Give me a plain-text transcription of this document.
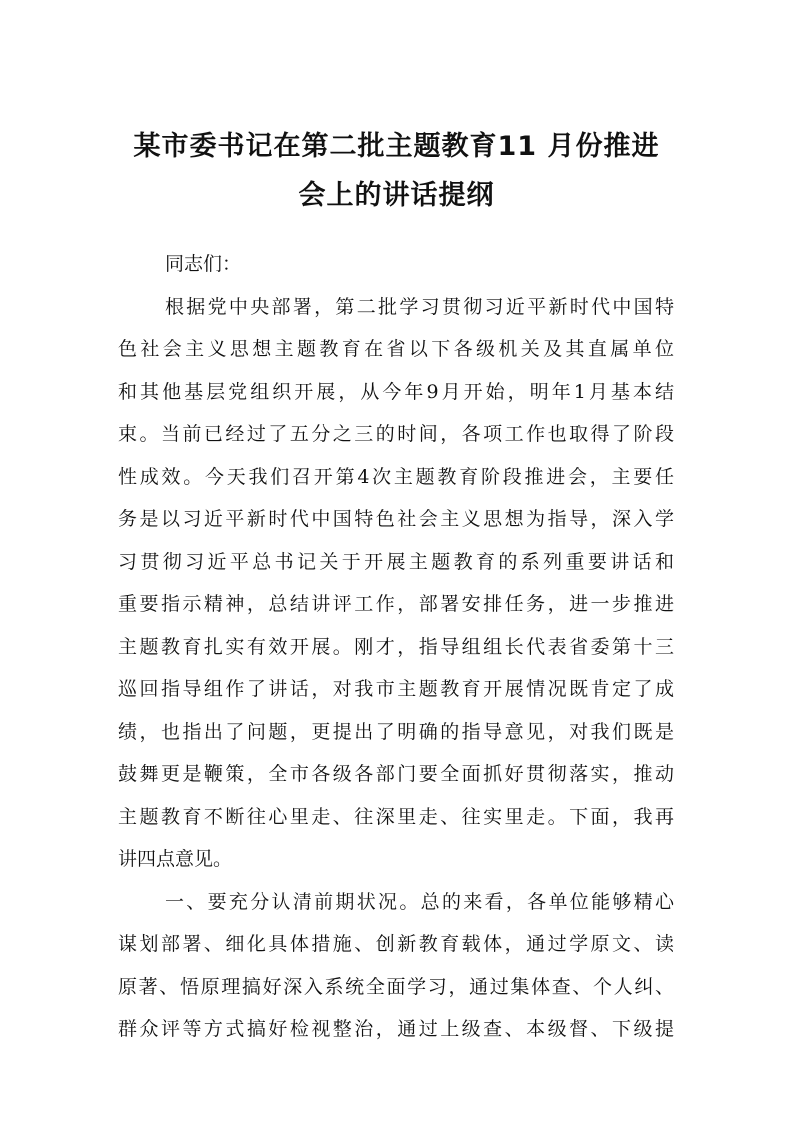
某市委书记在第二批主题教育11 月份推进
会上的讲话提纲
同志们：
根据党中央部署，第二批学习贯彻习近平新时代中国特
色社会主义思想主题教育在省以下各级机关及其直属单位
和其他基层党组织开展，从今年9月开始，明年1月基本结
束。当前已经过了五分之三的时间，各项工作也取得了阶段
性成效。今天我们召开第4次主题教育阶段推进会，主要任
务是以习近平新时代中国特色社会主义思想为指导，深入学
习贯彻习近平总书记关于开展主题教育的系列重要讲话和
重要指示精神，总结讲评工作，部署安排任务，进一步推进
主题教育扎实有效开展。刚才，指导组组长代表省委第十三
巡回指导组作了讲话，对我市主题教育开展情况既肯定了成
绩，也指出了问题，更提出了明确的指导意见，对我们既是
鼓舞更是鞭策，全市各级各部门要全面抓好贯彻落实，推动
主题教育不断往心里走、往深里走、往实里走。下面，我再
讲四点意见。
一、要充分认清前期状况。总的来看，各单位能够精心
谋划部署、细化具体措施、创新教育载体，通过学原文、读
原著、悟原理搞好深入系统全面学习，通过集体查、个人纠、
群众评等方式搞好检视整治，通过上级查、本级督、下级提
